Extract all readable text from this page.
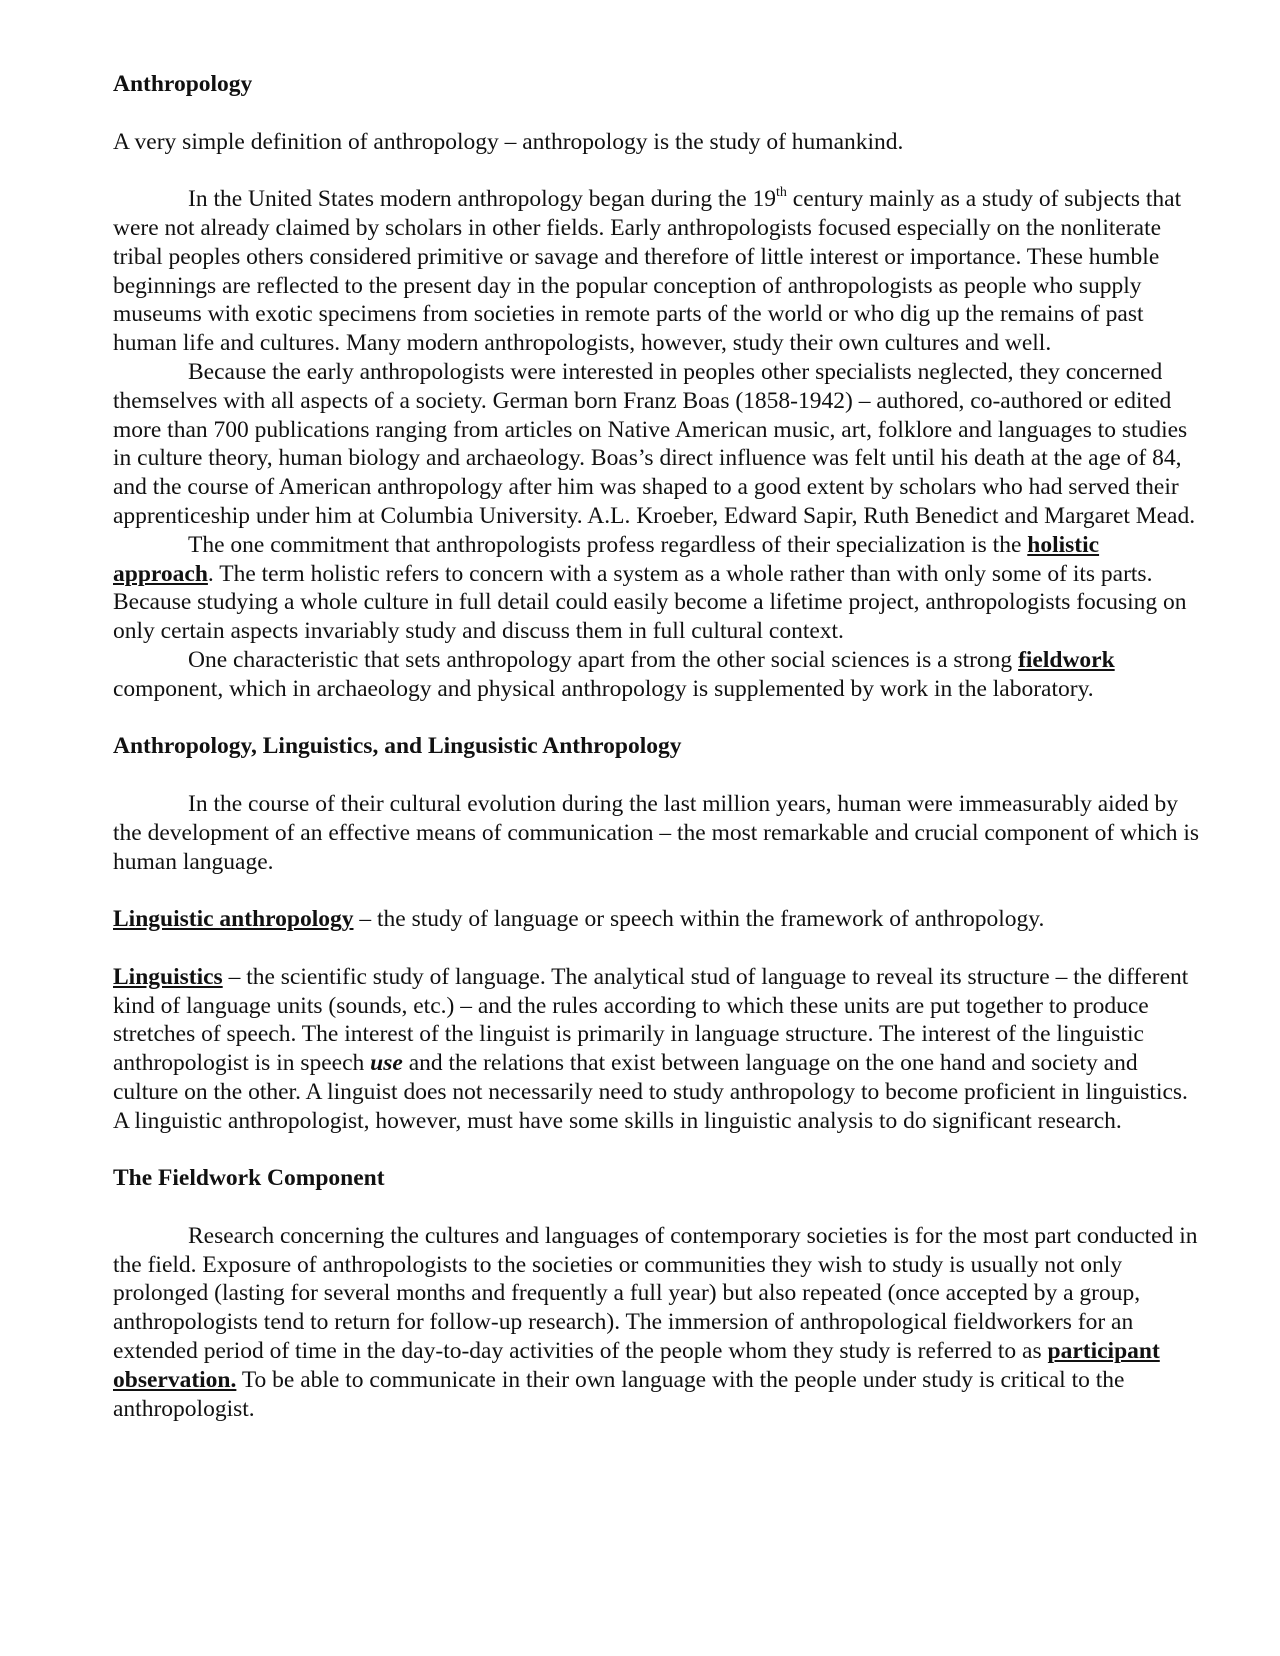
Anthropology

A very simple definition of anthropology – anthropology is the study of humankind.

In the United States modern anthropology began during the 19th century mainly as a study of subjects that were not already claimed by scholars in other fields. Early anthropologists focused especially on the nonliterate tribal peoples others considered primitive or savage and therefore of little interest or importance. These humble beginnings are reflected to the present day in the popular conception of anthropologists as people who supply museums with exotic specimens from societies in remote parts of the world or who dig up the remains of past human life and cultures. Many modern anthropologists, however, study their own cultures and well.

Because the early anthropologists were interested in peoples other specialists neglected, they concerned themselves with all aspects of a society. German born Franz Boas (1858-1942) – authored, co-authored or edited more than 700 publications ranging from articles on Native American music, art, folklore and languages to studies in culture theory, human biology and archaeology. Boas’s direct influence was felt until his death at the age of 84, and the course of American anthropology after him was shaped to a good extent by scholars who had served their apprenticeship under him at Columbia University. A.L. Kroeber, Edward Sapir, Ruth Benedict and Margaret Mead.

The one commitment that anthropologists profess regardless of their specialization is the holistic approach. The term holistic refers to concern with a system as a whole rather than with only some of its parts. Because studying a whole culture in full detail could easily become a lifetime project, anthropologists focusing on only certain aspects invariably study and discuss them in full cultural context.

One characteristic that sets anthropology apart from the other social sciences is a strong fieldwork component, which in archaeology and physical anthropology is supplemented by work in the laboratory.

Anthropology, Linguistics, and Lingusistic Anthropology

In the course of their cultural evolution during the last million years, human were immeasurably aided by the development of an effective means of communication – the most remarkable and crucial component of which is human language.

Linguistic anthropology – the study of language or speech within the framework of anthropology.

Linguistics – the scientific study of language. The analytical stud of language to reveal its structure – the different kind of language units (sounds, etc.) – and the rules according to which these units are put together to produce stretches of speech. The interest of the linguist is primarily in language structure. The interest of the linguistic anthropologist is in speech use and the relations that exist between language on the one hand and society and culture on the other. A linguist does not necessarily need to study anthropology to become proficient in linguistics. A linguistic anthropologist, however, must have some skills in linguistic analysis to do significant research.

The Fieldwork Component

Research concerning the cultures and languages of contemporary societies is for the most part conducted in the field. Exposure of anthropologists to the societies or communities they wish to study is usually not only prolonged (lasting for several months and frequently a full year) but also repeated (once accepted by a group, anthropologists tend to return for follow-up research). The immersion of anthropological fieldworkers for an extended period of time in the day-to-day activities of the people whom they study is referred to as participant observation. To be able to communicate in their own language with the people under study is critical to the anthropologist.
